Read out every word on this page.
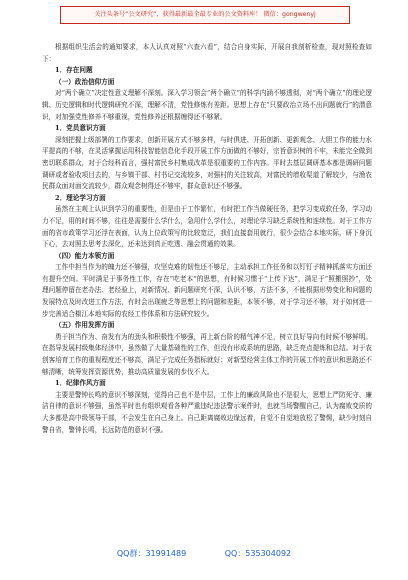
关注头条号“公文研究”，获得最新最全最专业的公文资料库！ 微信：gongwenyj

根据组织生活会的通知要求，本人认真对照“六查六看”，结合自身实际，开展自我剖析检查，现对照检查如下：

1．存在问题

（一）政治信仰方面

对“两个确立”决定性意义理解不深刻。深入学习领会“两个确立”的科学内涵不够透彻，对“两个确立”的理论逻辑、历史逻辑和时代逻辑研究不深，理解不清，党性修炼有差距。思想上存在“只要政治立场不出问题就行”的潜意识，对加强党性修养不够重视，党性修养还根据缠得还不够紧。

1．党员意识方面

深刻把握上级部署的工作要求，创新开展方式不够多样，与时俱进、开拓创新、更新观念、大胆工作的能力水平提高的不够，在灵活掌握运用科技智能信息化手段开展工作方面做的不够好，宗旨意识树的不牢，未能完全做到密切联系群众，对于合经科而言，强村富民乡村集成改革是很重要的工作内容。平时去基层调研基本都是调研问题调研或者验收项目去的，与乡镇干部、村书记交流较多，对强村的关注较高，对富民的增收渠道了解较少，与渔农民群众面对面交流较少，群众观念树得还不够牢，群众意识还不够强。

2．理论学习方面

虽然在主观上认识到学习的重要性，但是由于工作繁忙，有时把工作当做硬任务，把学习变成软任务，学习动力不足，用的时间不够，往往是需要什么学什么，急用什么学什么，对理论学习缺乏系统性和连续性。对于工作方面的省市政策学习还浮在表面，认为上位政策写的比较宽泛，我们直接套用就行，很少会结合本地实际，研下身沉下心，去对照去思考去深化，还未达到真正吃透、融会贯通的效果。

（四）能力本领方面

工作中担当作为的魄力还不够强，攻坚克难的韧性还不够足，主动承担工作任务和以钉钉子精神抓落实方面还有提升空间。平时满足于事务性工作，存在“吃老本”的思想，有时候习惯于“上传下达”，满足于“照搬照抄”，处理问题停留在老办法、老经验上，对新情况、新问题研究不深，认识不够，方法不多，不能根据形势变化和问题的发展特点及时改进工作方法，有时会出现疲乏等思想上的问题和差距，本领不够，对于学习还不够，对于如何进一步完善适合椒江本地实际的农经工作体系和方法研究较少。

（五）作用发挥方面

勇于担当作为、奋发有为的劲头和积极性不够强，再上新台阶的精气神不足，树立良好导向有时候不够鲜明。在指导发展村级集体经济中，虽然做了大量基础性的工作，但没有形成系统的思路，缺乏亮点提炼和总结。对于农创客培育工作的重视程度还不够高，满足于完成任务指标就好；对新型经营主体工作的开展工作的意识和思路还不够清晰，统筹发挥资源优势，推动高质量发展的步伐不大。

1．纪律作风方面

主要是警钟长鸣的意识不够深刻，觉得自己也不是中层，工作上的廉政风险也不是很大，思想上严防死守、廉洁自律的意识不够强，虽然平时也有组织观看各种严重违纪违法警示案件时，也就当场警醒自己，认为腐败变质的大多都是高中级领导干部，不会发生在自己身上。自己距离腐败边缘远着，自觉不自觉地放松了警惕，缺少时刻自警自省，警钟长鸣，长远防范的意识不强。

QQ群：31991489	QQ：535304092
